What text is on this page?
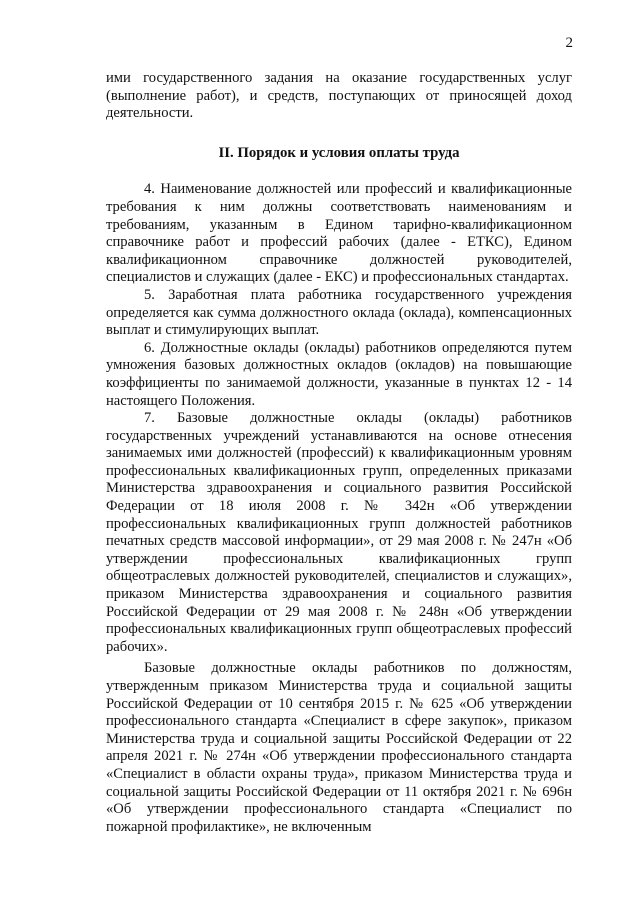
2

ими государственного задания на оказание государственных услуг (выполнение работ), и средств, поступающих от приносящей доход деятельности.

II. Порядок и условия оплаты труда

4. Наименование должностей или профессий и квалификационные требования к ним должны соответствовать наименованиям и требованиям, указанным в Едином тарифно-квалификационном справочнике работ и профессий рабочих (далее - ЕТКС), Едином квалификационном справочнике должностей руководителей, специалистов и служащих (далее - ЕКС) и профессиональных стандартах.

5. Заработная плата работника государственного учреждения определяется как сумма должностного оклада (оклада), компенсационных выплат и стимулирующих выплат.

6. Должностные оклады (оклады) работников определяются путем умножения базовых должностных окладов (окладов) на повышающие коэффициенты по занимаемой должности, указанные в пунктах 12 - 14 настоящего Положения.

7. Базовые должностные оклады (оклады) работников государственных учреждений устанавливаются на основе отнесения занимаемых ими должностей (профессий) к квалификационным уровням профессиональных квалификационных групп, определенных приказами Министерства здравоохранения и социального развития Российской Федерации от 18 июля 2008 г. № 342н «Об утверждении профессиональных квалификационных групп должностей работников печатных средств массовой информации», от 29 мая 2008 г. № 247н «Об утверждении профессиональных квалификационных групп общеотраслевых должностей руководителей, специалистов и служащих», приказом Министерства здравоохранения и социального развития Российской Федерации от 29 мая 2008 г. № 248н «Об утверждении профессиональных квалификационных групп общеотраслевых профессий рабочих».

Базовые должностные оклады работников по должностям, утвержденным приказом Министерства труда и социальной защиты Российской Федерации от 10 сентября 2015 г. № 625 «Об утверждении профессионального стандарта «Специалист в сфере закупок», приказом Министерства труда и социальной защиты Российской Федерации от 22 апреля 2021 г. № 274н «Об утверждении профессионального стандарта «Специалист в области охраны труда», приказом Министерства труда и социальной защиты Российской Федерации от 11 октября 2021 г. № 696н «Об утверждении профессионального стандарта «Специалист по пожарной профилактике», не включенным
